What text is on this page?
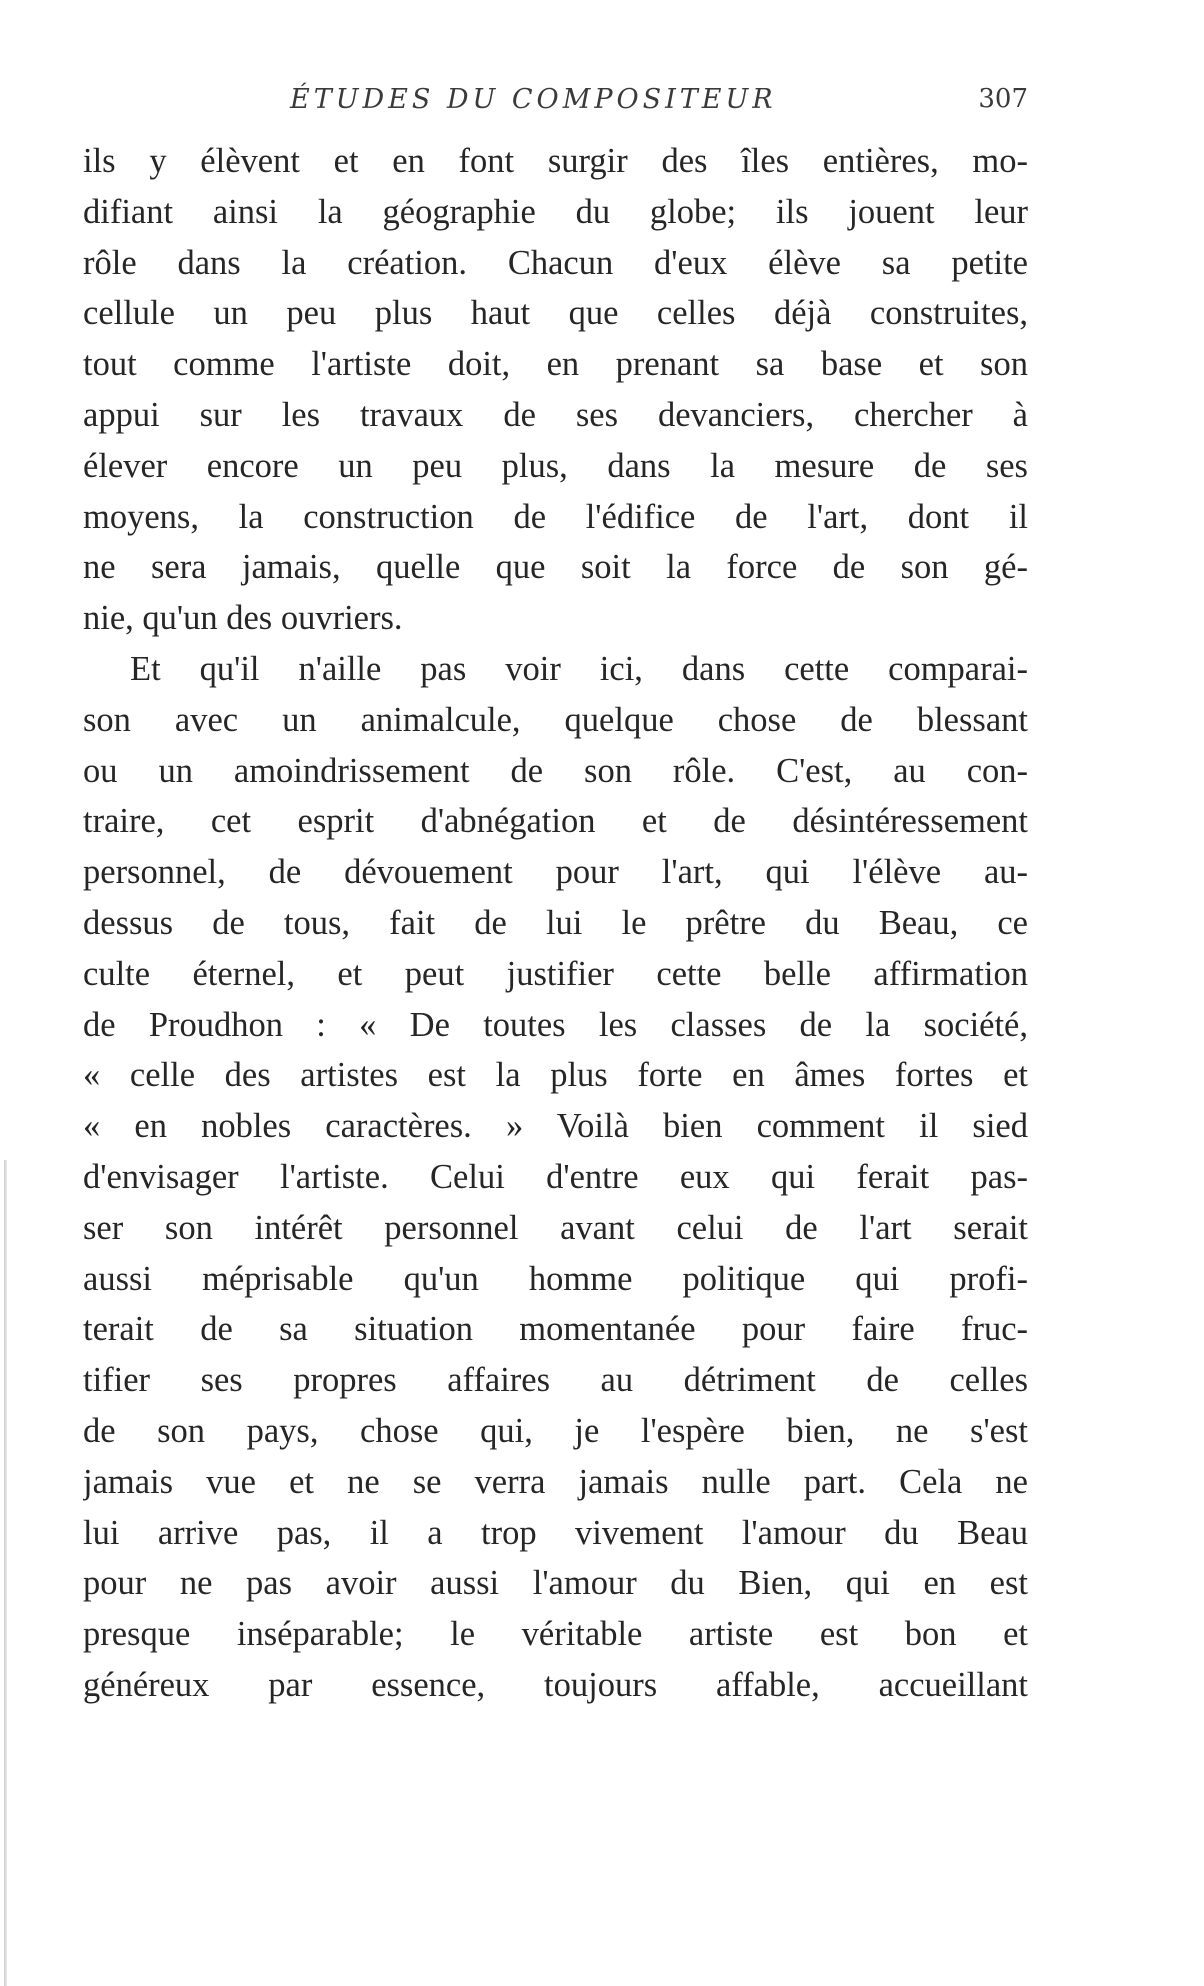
ÉTUDES DU COMPOSITEUR	307
ils y élèvent et en font surgir des îles entières, mo-
difiant ainsi la géographie du globe; ils jouent leur
rôle dans la création. Chacun d'eux élève sa petite
cellule un peu plus haut que celles déjà construites,
tout comme l'artiste doit, en prenant sa base et son
appui sur les travaux de ses devanciers, chercher à
élever encore un peu plus, dans la mesure de ses
moyens, la construction de l'édifice de l'art, dont il
ne sera jamais, quelle que soit la force de son gé-
nie, qu'un des ouvriers.
Et qu'il n'aille pas voir ici, dans cette comparai-
son avec un animalcule, quelque chose de blessant
ou un amoindrissement de son rôle. C'est, au con-
traire, cet esprit d'abnégation et de désintéressement
personnel, de dévouement pour l'art, qui l'élève au-
dessus de tous, fait de lui le prêtre du Beau, ce
culte éternel, et peut justifier cette belle affirmation
de Proudhon : « De toutes les classes de la société,
« celle des artistes est la plus forte en âmes fortes et
« en nobles caractères. » Voilà bien comment il sied
d'envisager l'artiste. Celui d'entre eux qui ferait pas-
ser son intérêt personnel avant celui de l'art serait
aussi méprisable qu'un homme politique qui profi-
terait de sa situation momentanée pour faire fruc-
tifier ses propres affaires au détriment de celles
de son pays, chose qui, je l'espère bien, ne s'est
jamais vue et ne se verra jamais nulle part. Cela ne
lui arrive pas, il a trop vivement l'amour du Beau
pour ne pas avoir aussi l'amour du Bien, qui en est
presque inséparable; le véritable artiste est bon et
généreux par essence, toujours affable, accueillant
